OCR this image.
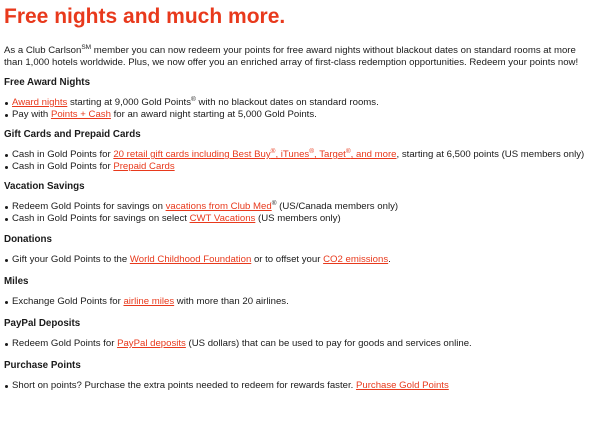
Free nights and much more.

As a Club Carlson℠ member you can now redeem your points for free award nights without blackout dates on standard rooms at more than 1,000 hotels worldwide. Plus, we now offer you an enriched array of first-class redemption opportunities. Redeem your points now!

Free Award Nights
Award nights starting at 9,000 Gold Points® with no blackout dates on standard rooms.
Pay with Points + Cash for an award night starting at 5,000 Gold Points.
Gift Cards and Prepaid Cards
Cash in Gold Points for 20 retail gift cards including Best Buy®, iTunes®, Target®, and more, starting at 6,500 points (US members only)
Cash in Gold Points for Prepaid Cards
Vacation Savings
Redeem Gold Points for savings on vacations from Club Med® (US/Canada members only)
Cash in Gold Points for savings on select CWT Vacations (US members only)
Donations
Gift your Gold Points to the World Childhood Foundation or to offset your CO2 emissions.
Miles
Exchange Gold Points for airline miles with more than 20 airlines.
PayPal Deposits
Redeem Gold Points for PayPal deposits (US dollars) that can be used to pay for goods and services online.
Purchase Points
Short on points? Purchase the extra points needed to redeem for rewards faster. Purchase Gold Points
